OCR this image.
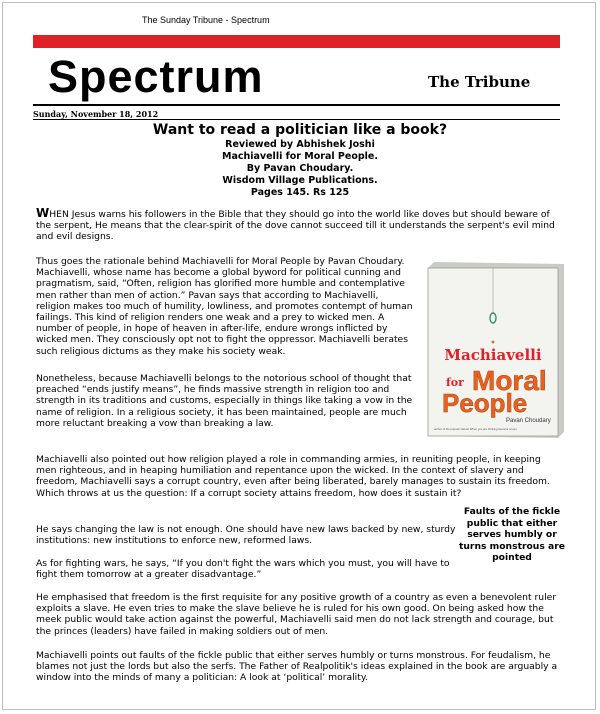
The Sunday Tribune - Spectrum
Spectrum	The Tribune
Sunday, November 18, 2012
Want to read a politician like a book?
Reviewed by Abhishek Joshi
Machiavelli for Moral People.
By Pavan Choudary.
Wisdom Village Publications.
Pages 145. Rs 125

WHEN Jesus warns his followers in the Bible that they should go into the world like doves but should beware of the serpent, He means that the clear-spirit of the dove cannot succeed till it understands the serpent's evil mind and evil designs.

Thus goes the rationale behind Machiavelli for Moral People by Pavan Choudary. Machiavelli, whose name has become a global byword for political cunning and pragmatism, said, “Often, religion has glorified more humble and contemplative men rather than men of action.” Pavan says that according to Machiavelli, religion makes too much of humility, lowliness, and promotes contempt of human failings. This kind of religion renders one weak and a prey to wicked men. A number of people, in hope of heaven in after-life, endure wrongs inflicted by wicked men. They consciously opt not to fight the oppressor. Machiavelli berates such religious dictums as they make his society weak.

Nonetheless, because Machiavelli belongs to the notorious school of thought that preached “ends justify means”, he finds massive strength in religion too and strength in its traditions and customs, especially in things like taking a vow in the name of religion. In a religious society, it has been maintained, people are much more reluctant breaking a vow than breaking a law.

Machiavelli also pointed out how religion played a role in commanding armies, in reuniting people, in keeping men righteous, and in heaping humiliation and repentance upon the wicked. In the context of slavery and freedom, Machiavelli says a corrupt country, even after being liberated, barely manages to sustain its freedom. Which throws at us the question: If a corrupt society attains freedom, how does it sustain it?

He says changing the law is not enough. One should have new laws backed by new, sturdy institutions: new institutions to enforce new, reformed laws.

As for fighting wars, he says, “If you don't fight the wars which you must, you will have to fight them tomorrow at a greater disadvantage.”

He emphasised that freedom is the first requisite for any positive growth of a country as even a benevolent ruler exploits a slave. He even tries to make the slave believe he is ruled for his own good. On being asked how the meek public would take action against the powerful, Machiavelli said men do not lack strength and courage, but the princes (leaders) have failed in making soldiers out of men.

Machiavelli points out faults of the fickle public that either serves humbly or turns monstrous. For feudalism, he blames not just the lords but also the serfs. The Father of Realpolitik's ideas explained in the book are arguably a window into the minds of many a politician: A look at ‘political’ morality.

Faults of the fickle public that either serves humbly or turns monstrous are pointed
Machiavelli
for Moral
People
Pavan Choudary
author of the popular classic When you are thinking become a hero
